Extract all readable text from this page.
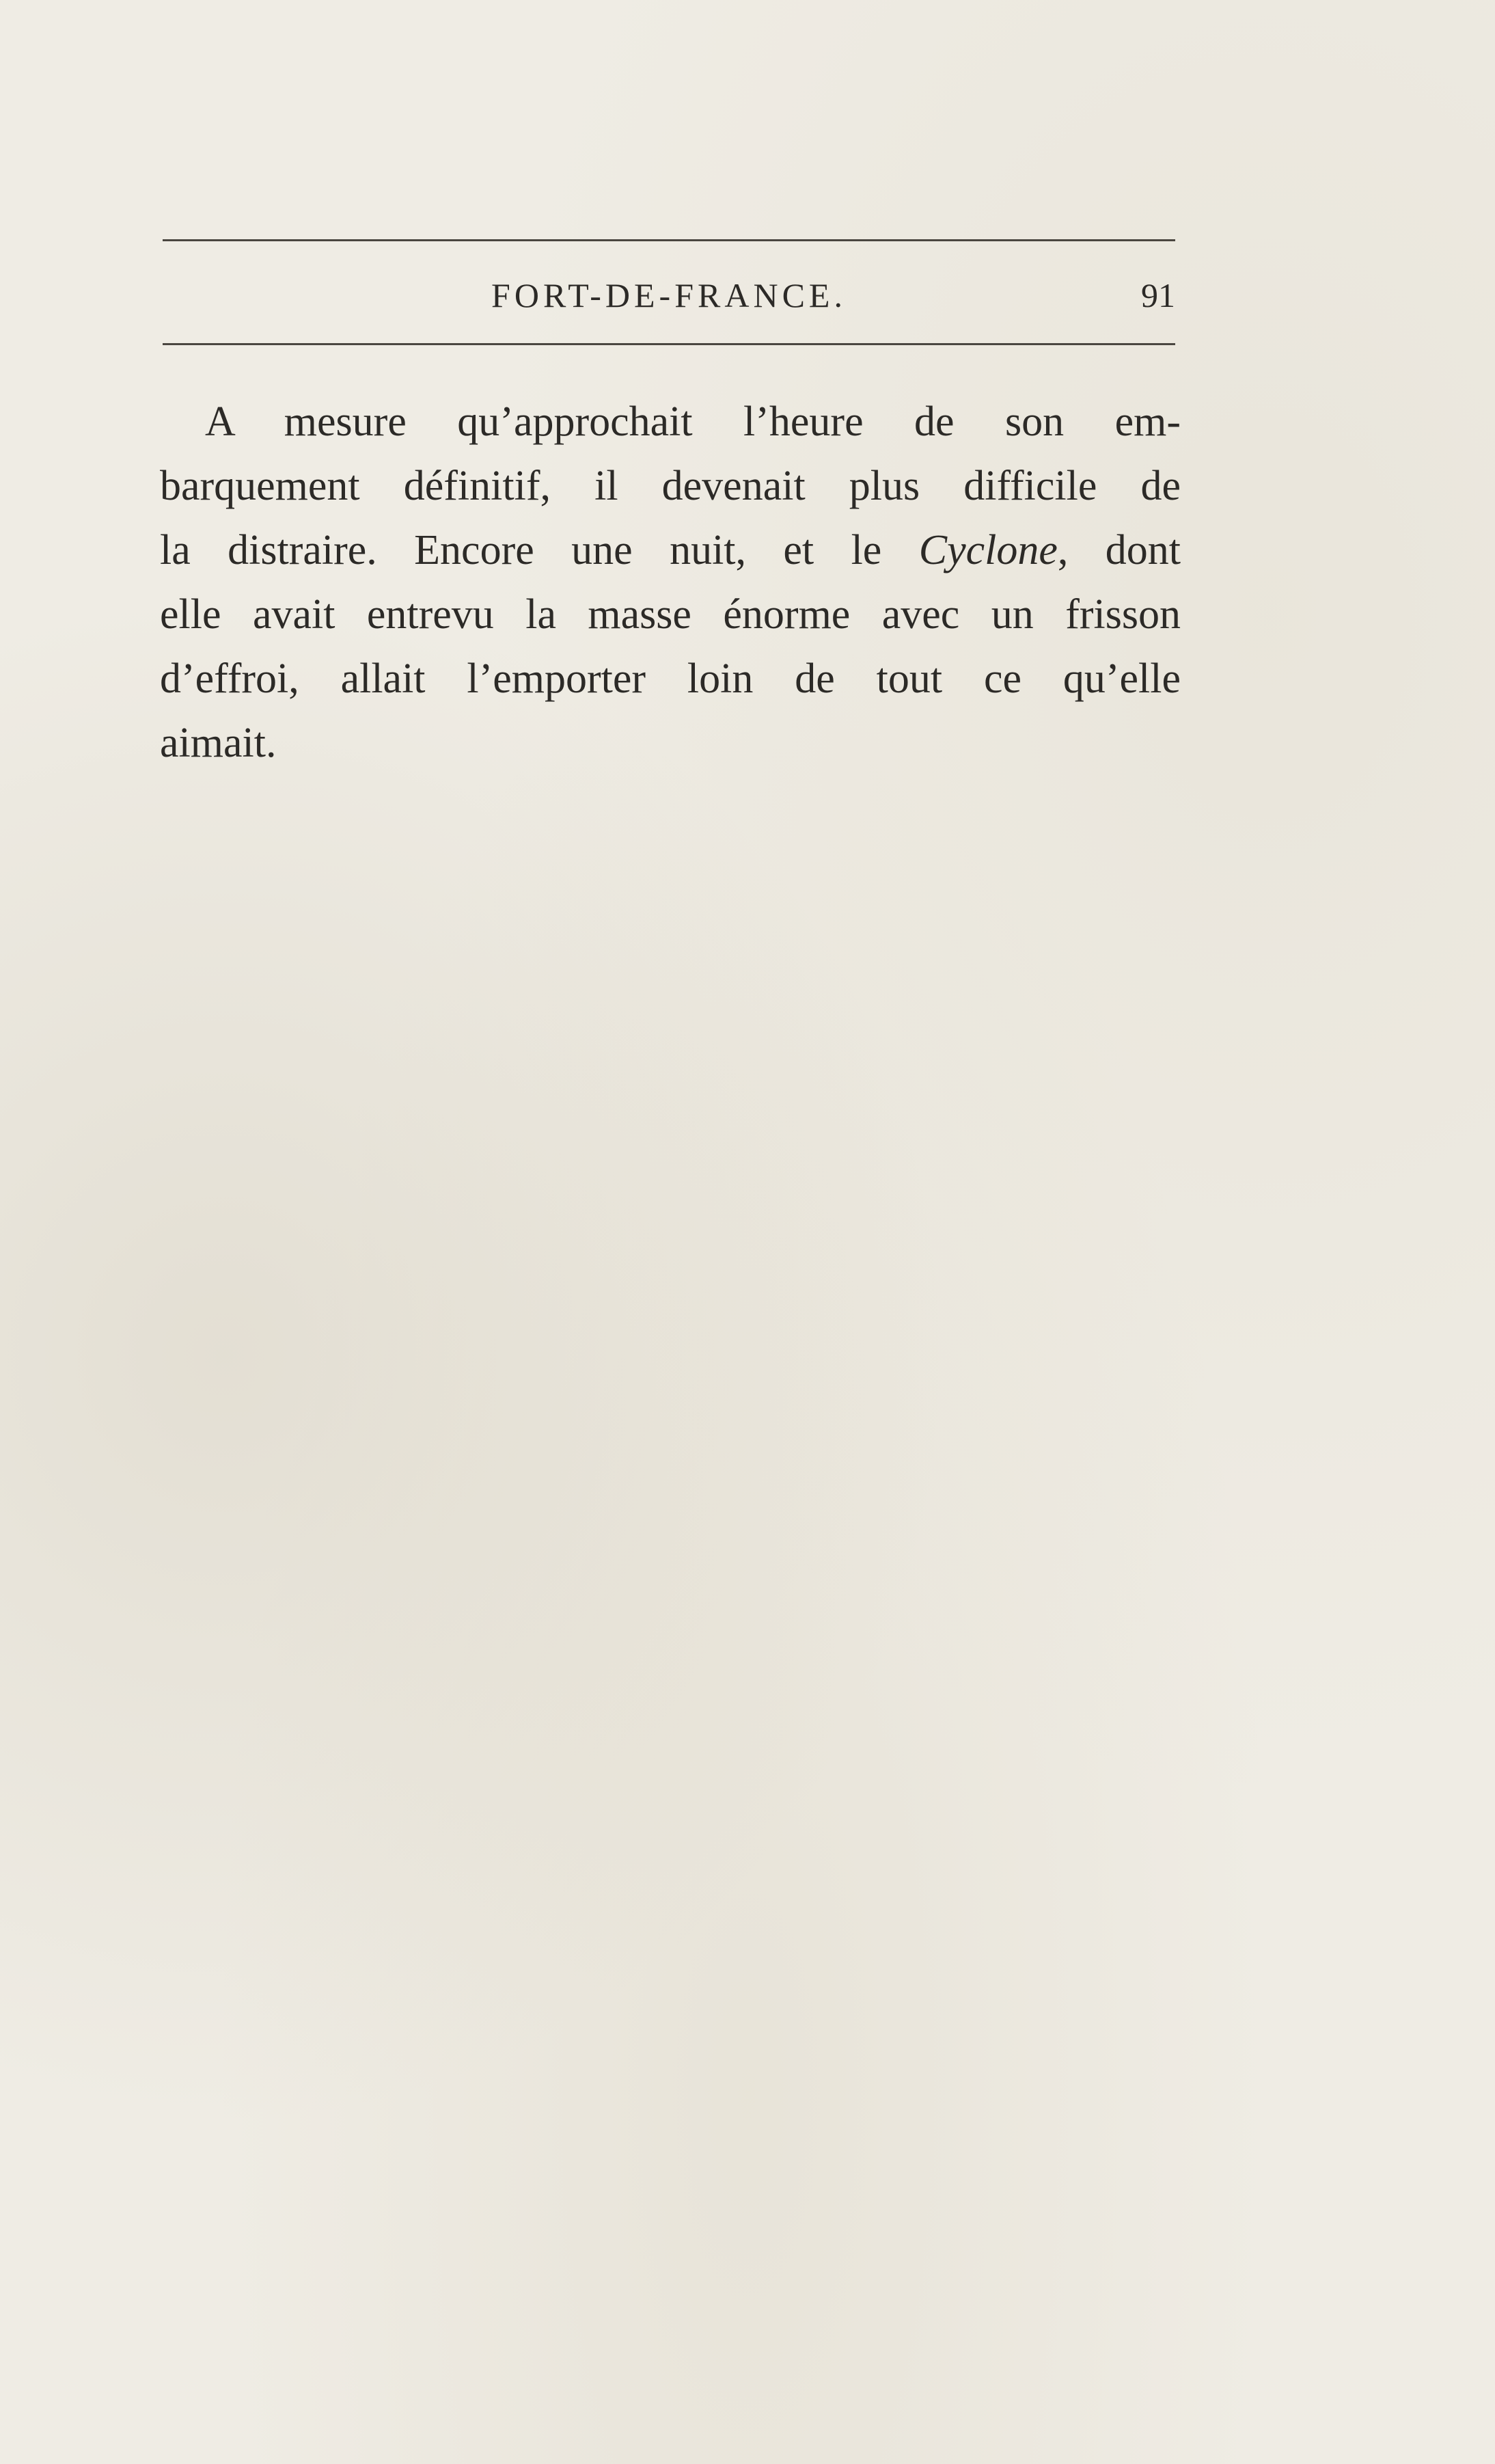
FORT-DE-FRANCE.	91
A mesure qu’approchait l’heure de son em-
barquement définitif, il devenait plus difficile de
la distraire. Encore une nuit, et le Cyclone, dont
elle avait entrevu la masse énorme avec un frisson
d’effroi, allait l’emporter loin de tout ce qu’elle
aimait.
